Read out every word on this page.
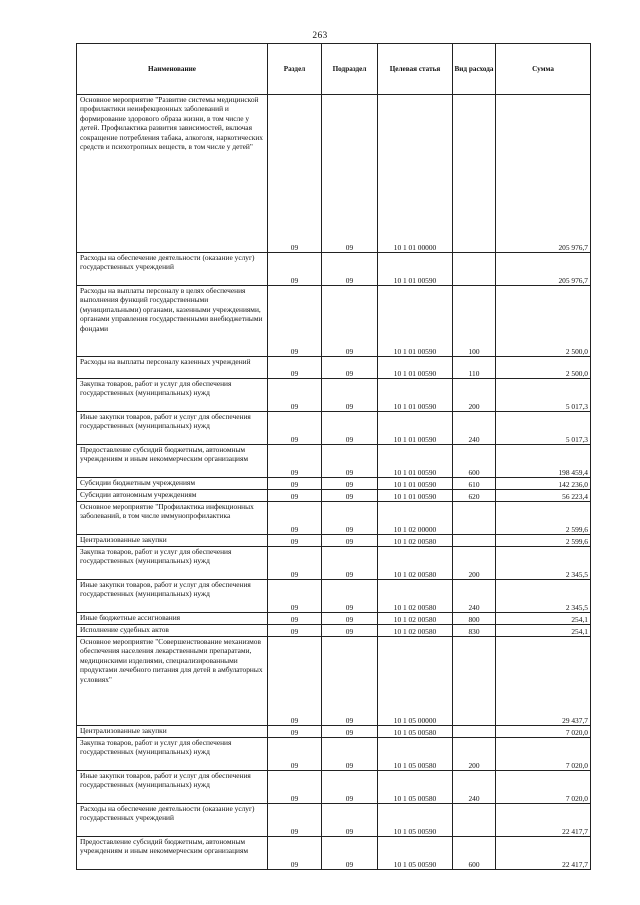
263
Наименование	Раздел	Подраздел	Целевая статья	Вид расхода	Сумма
Основное мероприятие "Развитие системы медицинской профилактики неинфекционных заболеваний и формирование здорового образа жизни, в том числе у детей. Профилактика развития зависимостей, включая сокращение потребления табака, алкоголя, наркотических средств и психотропных веществ, в том числе у детей"	09	09	10 1 01 00000		205 976,7
Расходы на обеспечение деятельности (оказание услуг) государственных учреждений	09	09	10 1 01 00590		205 976,7
Расходы на выплаты персоналу в целях обеспечения выполнения функций государственными (муниципальными) органами, казенными учреждениями, органами управления государственными внебюджетными фондами	09	09	10 1 01 00590	100	2 500,0
Расходы на выплаты персоналу казенных учреждений	09	09	10 1 01 00590	110	2 500,0
Закупка товаров, работ и услуг для обеспечения государственных (муниципальных) нужд	09	09	10 1 01 00590	200	5 017,3
Иные закупки товаров, работ и услуг для обеспечения государственных (муниципальных) нужд	09	09	10 1 01 00590	240	5 017,3
Предоставление субсидий бюджетным, автономным учреждениям и иным некоммерческим организациям	09	09	10 1 01 00590	600	198 459,4
Субсидии бюджетным учреждениям	09	09	10 1 01 00590	610	142 236,0
Субсидии автономным учреждениям	09	09	10 1 01 00590	620	56 223,4
Основное мероприятие "Профилактика инфекционных заболеваний, в том числе иммунопрофилактика	09	09	10 1 02 00000		2 599,6
Централизованные закупки	09	09	10 1 02 00580		2 599,6
Закупка товаров, работ и услуг для обеспечения государственных (муниципальных) нужд	09	09	10 1 02 00580	200	2 345,5
Иные закупки товаров, работ и услуг для обеспечения государственных (муниципальных) нужд	09	09	10 1 02 00580	240	2 345,5
Иные бюджетные ассигнования	09	09	10 1 02 00580	800	254,1
Исполнение судебных актов	09	09	10 1 02 00580	830	254,1
Основное мероприятие "Совершенствование механизмов обеспечения населения лекарственными препаратами, медицинскими изделиями, специализированными продуктами лечебного питания для детей в амбулаторных условиях"	09	09	10 1 05 00000		29 437,7
Централизованные закупки	09	09	10 1 05 00580		7 020,0
Закупка товаров, работ и услуг для обеспечения государственных (муниципальных) нужд	09	09	10 1 05 00580	200	7 020,0
Иные закупки товаров, работ и услуг для обеспечения государственных (муниципальных) нужд	09	09	10 1 05 00580	240	7 020,0
Расходы на обеспечение деятельности (оказание услуг) государственных учреждений	09	09	10 1 05 00590		22 417,7
Предоставление субсидий бюджетным, автономным учреждениям и иным некоммерческим организациям	09	09	10 1 05 00590	600	22 417,7
